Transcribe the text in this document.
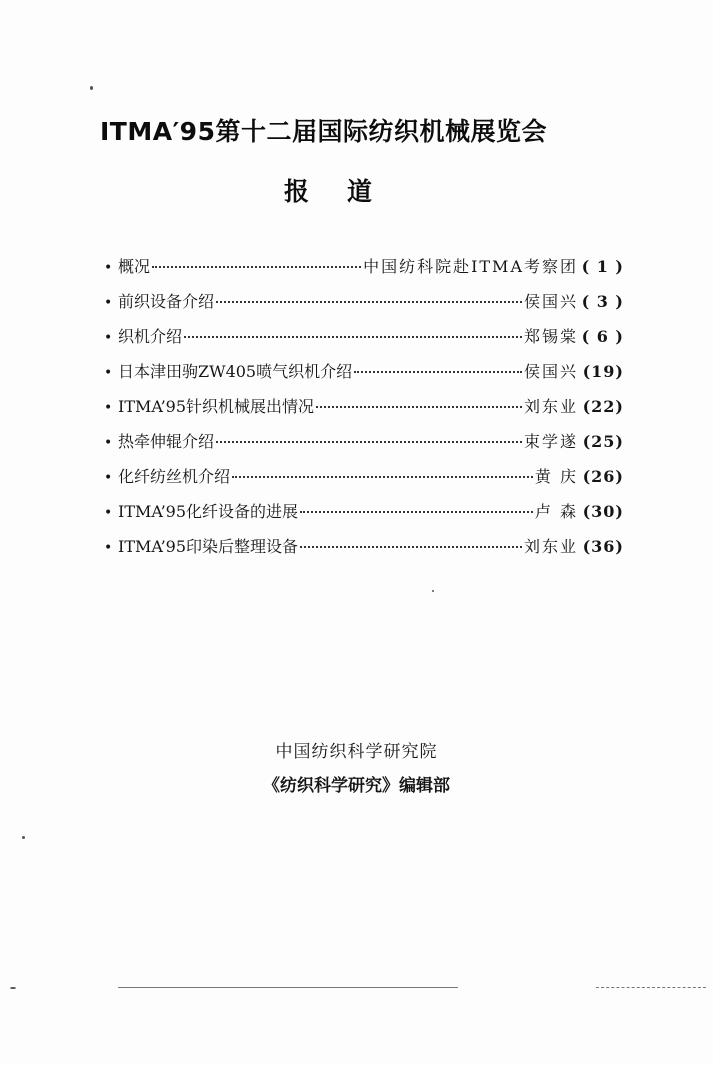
ITMA′95第十二届国际纺织机械展览会
报道
• 概况	中国纺科院赴ITMA考察团 ( 1 )
• 前织设备介绍	侯国兴 ( 3 )
• 织机介绍	郑锡棠 ( 6 )
• 日本津田驹ZW405喷气织机介绍	侯国兴 (19)
• ITMA’95针织机械展出情况	刘东业 (22)
• 热牵伸辊介绍	束学遂 (25)
• 化纤纺丝机介绍	黄 庆 (26)
• ITMA’95化纤设备的进展	卢 森 (30)
• ITMA’95印染后整理设备	刘东业 (36)
中国纺织科学研究院
《纺织科学研究》编辑部
